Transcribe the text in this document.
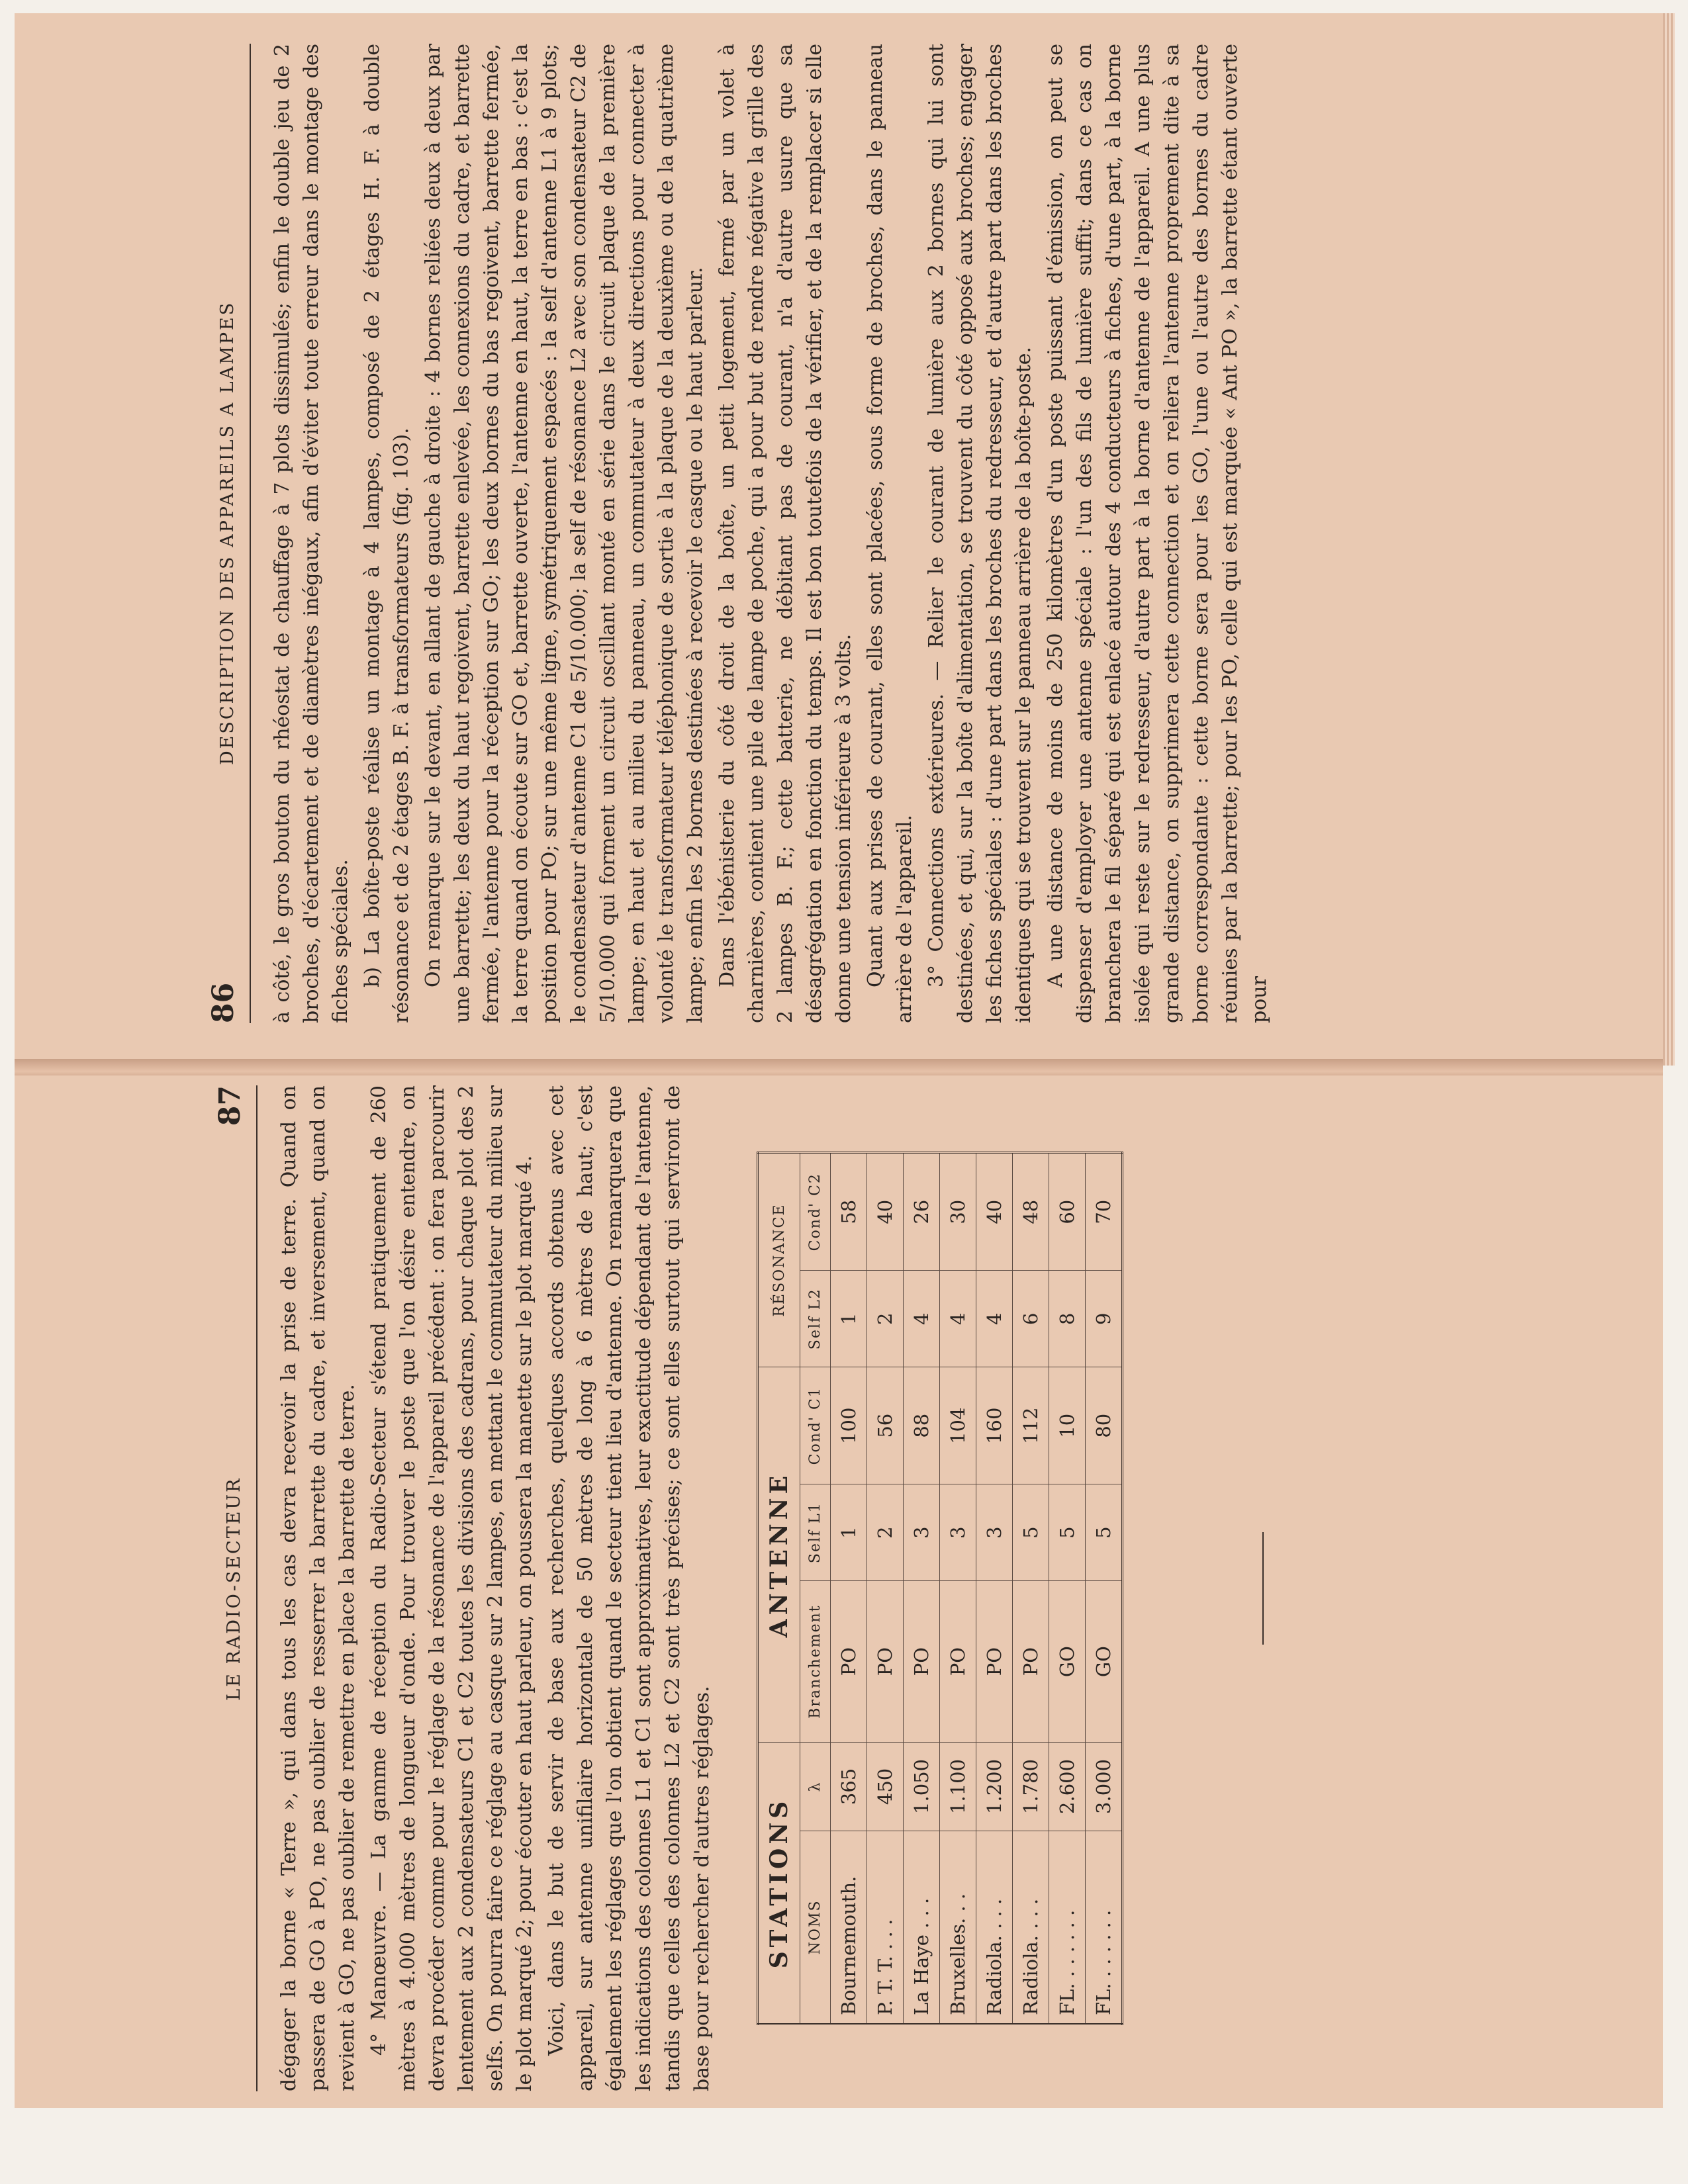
86
DESCRIPTION DES APPAREILS A LAMPES à côté, le gros bouton du rhéostat de chauffage à 7 plots dissimulés; enfin le double jeu de 2 broches, d'écartement et de diamètres inégaux, afin d'éviter toute erreur dans le montage des fiches spéciales. b) La boîte-poste réalise un montage à 4 lampes, composé de 2 étages H. F. à double résonance et de 2 étages B. F. à transformateurs (fig. 103). On remarque sur le devant, en allant de gauche à droite : 4 bornes reliées deux à deux par une barrette; les deux du haut regoivent, barrette enlevée, les connexions du cadre, et barrette fermée, l'antenne pour la réception sur GO; les deux bornes du bas regoivent, barrette fermée, la terre quand on écoute sur GO et, barrette ouverte, l'antenne en haut, la terre en bas : c'est la position pour PO; sur une même ligne, symétriquement espacés : la self d'antenne L1 à 9 plots; le condensateur d'antenne C1 de 5/10.000; la self de résonance L2 avec son condensateur C2 de 5/10.000 qui forment un circuit oscillant monté en série dans le circuit plaque de la première lampe; en haut et au milieu du panneau, un commutateur à deux directions pour connecter à volonté le transformateur téléphonique de sortie à la plaque de la deuxième ou de la quatrième lampe; enfin les 2 bornes destinées à recevoir le casque ou le haut parleur. Dans l'ébénisterie du côté droit de la boîte, un petit logement, fermé par un volet à charnières, contient une pile de lampe de poche, qui a pour but de rendre négative la grille des 2 lampes B. F.; cette batterie, ne débitant pas de courant, n'a d'autre usure que sa désagrégation en fonction du temps. Il est bon toutefois de la vérifier, et de la remplacer si elle donne une tension inférieure à 3 volts. Quant aux prises de courant, elles sont placées, sous forme de broches, dans le panneau arrière de l'appareil. 3° Connections extérieures. — Relier le courant de lumière aux 2 bornes qui lui sont destinées, et qui, sur la boîte d'alimentation, se trouvent du côté opposé aux broches; engager les fiches spéciales : d'une part dans les broches du redresseur, et d'autre part dans les broches identiques qui se trouvent sur le panneau arrière de la boîte-poste. A une distance de moins de 250 kilomètres d'un poste puissant d'émission, on peut se dispenser d'employer une antenne spéciale : l'un des fils de lumière suffit; dans ce cas on branchera le fil séparé qui est enlacé autour des 4 conducteurs à fiches, d'une part, à la borne isolée qui reste sur le redresseur, d'autre part à la borne d'antenne de l'appareil. A une plus grande distance, on supprimera cette connection et on reliera l'antenne proprement dite à sa borne correspondante : cette borne sera pour les GO, l'une ou l'autre des bornes du cadre réunies par la barrette; pour les PO, celle qui est marquée « Ant PO », la barrette étant ouverte pour

LE RADIO-SECTEUR
87 dégager la borne « Terre », qui dans tous les cas devra recevoir la prise de terre. Quand on passera de GO à PO, ne pas oublier de resserrer la barrette du cadre, et inversement, quand on revient à GO, ne pas oublier de remettre en place la barrette de terre. 4° Manœuvre. — La gamme de réception du Radio-Secteur s'étend pratiquement de 260 mètres à 4.000 mètres de longueur d'onde. Pour trouver le poste que l'on désire entendre, on devra procéder comme pour le réglage de la résonance de l'appareil précédent : on fera parcourir lentement aux 2 condensateurs C1 et C2 toutes les divisions des cadrans, pour chaque plot des 2 selfs. On pourra faire ce réglage au casque sur 2 lampes, en mettant le commutateur du milieu sur le plot marqué 2; pour écouter en haut parleur, on poussera la manette sur le plot marqué 4. Voici, dans le but de servir de base aux recherches, quelques accords obtenus avec cet appareil, sur antenne unifilaire horizontale de 50 mètres de long à 6 mètres de haut; c'est également les réglages que l'on obtient quand le secteur tient lieu d'antenne. On remarquera que les indications des colonnes L1 et C1 sont approximatives, leur exactitude dépendant de l'antenne, tandis que celles des colonnes L2 et C2 sont très précises; ce sont elles surtout qui serviront de base pour rechercher d'autres réglages. STATIONS		ANTENNE			RÉSONANCE	
NOMS	λ	Branchement	Self L1	Cond' C1	Self L2	Cond' C2
Bournemouth.	365	PO	1	100	1	58
P. T. T. . . .	450	PO	2	56	2	40
La Haye . . .	1.050	PO	3	88	4	26
Bruxelles. . .	1.100	PO	3	104	4	30
Radiola. . . .	1.200	PO	3	160	4	40
Radiola. . . .	1.780	PO	5	112	6	48
FL. . . . . . .	2.600	GO	5	10	8	60
FL. . . . . . .	3.000	GO	5	80	9	70
